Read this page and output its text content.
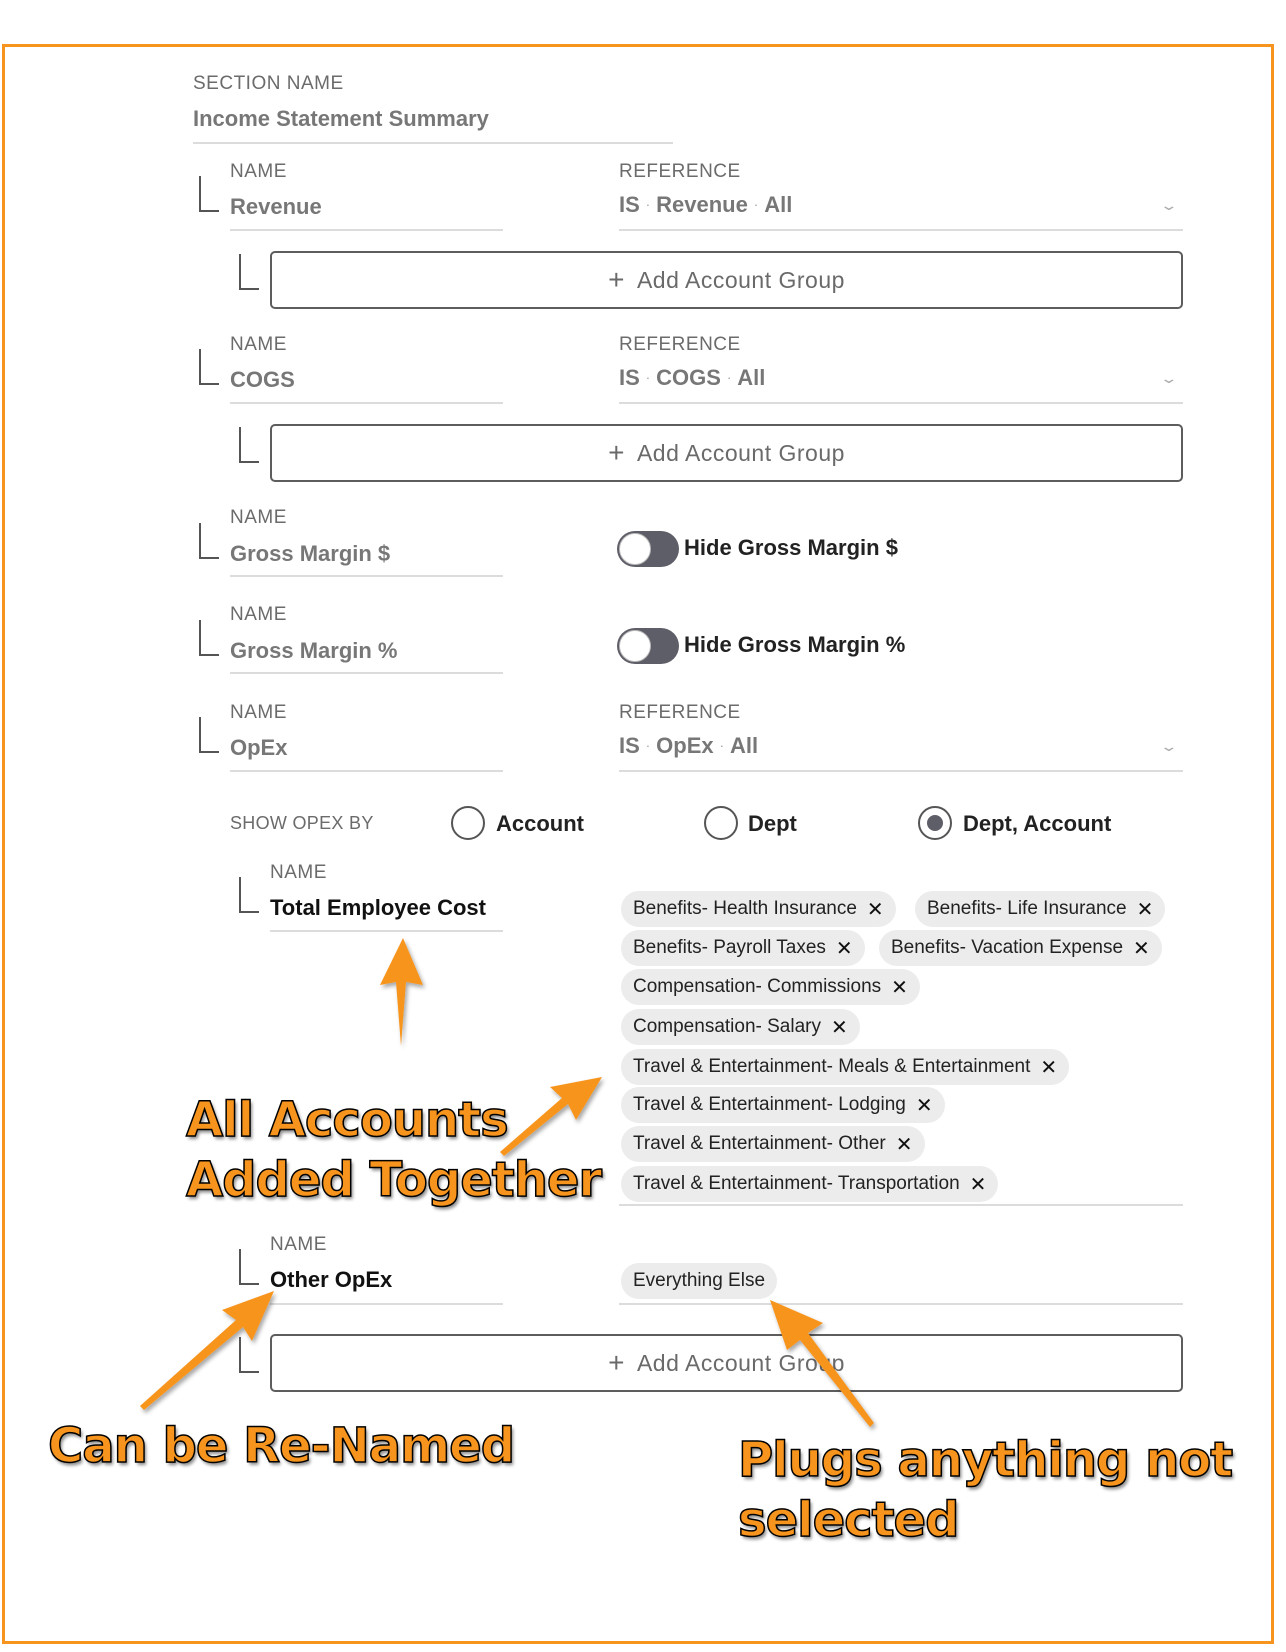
SECTION NAME
Income Statement Summary
NAME
Revenue
REFERENCE
IS · Revenue · All	⌄
+ Add Account Group
NAME
COGS
REFERENCE
IS · COGS · All	⌄
+ Add Account Group
NAME
Gross Margin $	Hide Gross Margin $
NAME
Gross Margin %	Hide Gross Margin %
NAME
OpEx
REFERENCE
IS · OpEx · All	⌄
SHOW OPEX BY	Account	Dept	Dept, Account
NAME
Total Employee Cost	Benefits- Health Insurance ✕ Benefits- Life Insurance ✕
Benefits- Payroll Taxes ✕ Benefits- Vacation Expense ✕
Compensation- Commissions ✕
Compensation- Salary ✕
Travel & Entertainment- Meals & Entertainment ✕
Travel & Entertainment- Lodging ✕
Travel & Entertainment- Other ✕
Travel & Entertainment- Transportation ✕
NAME
Other OpEx	Everything Else
+ Add Account Group
All Accounts
Added Together
Can be Re-Named	Plugs anything not
selected
